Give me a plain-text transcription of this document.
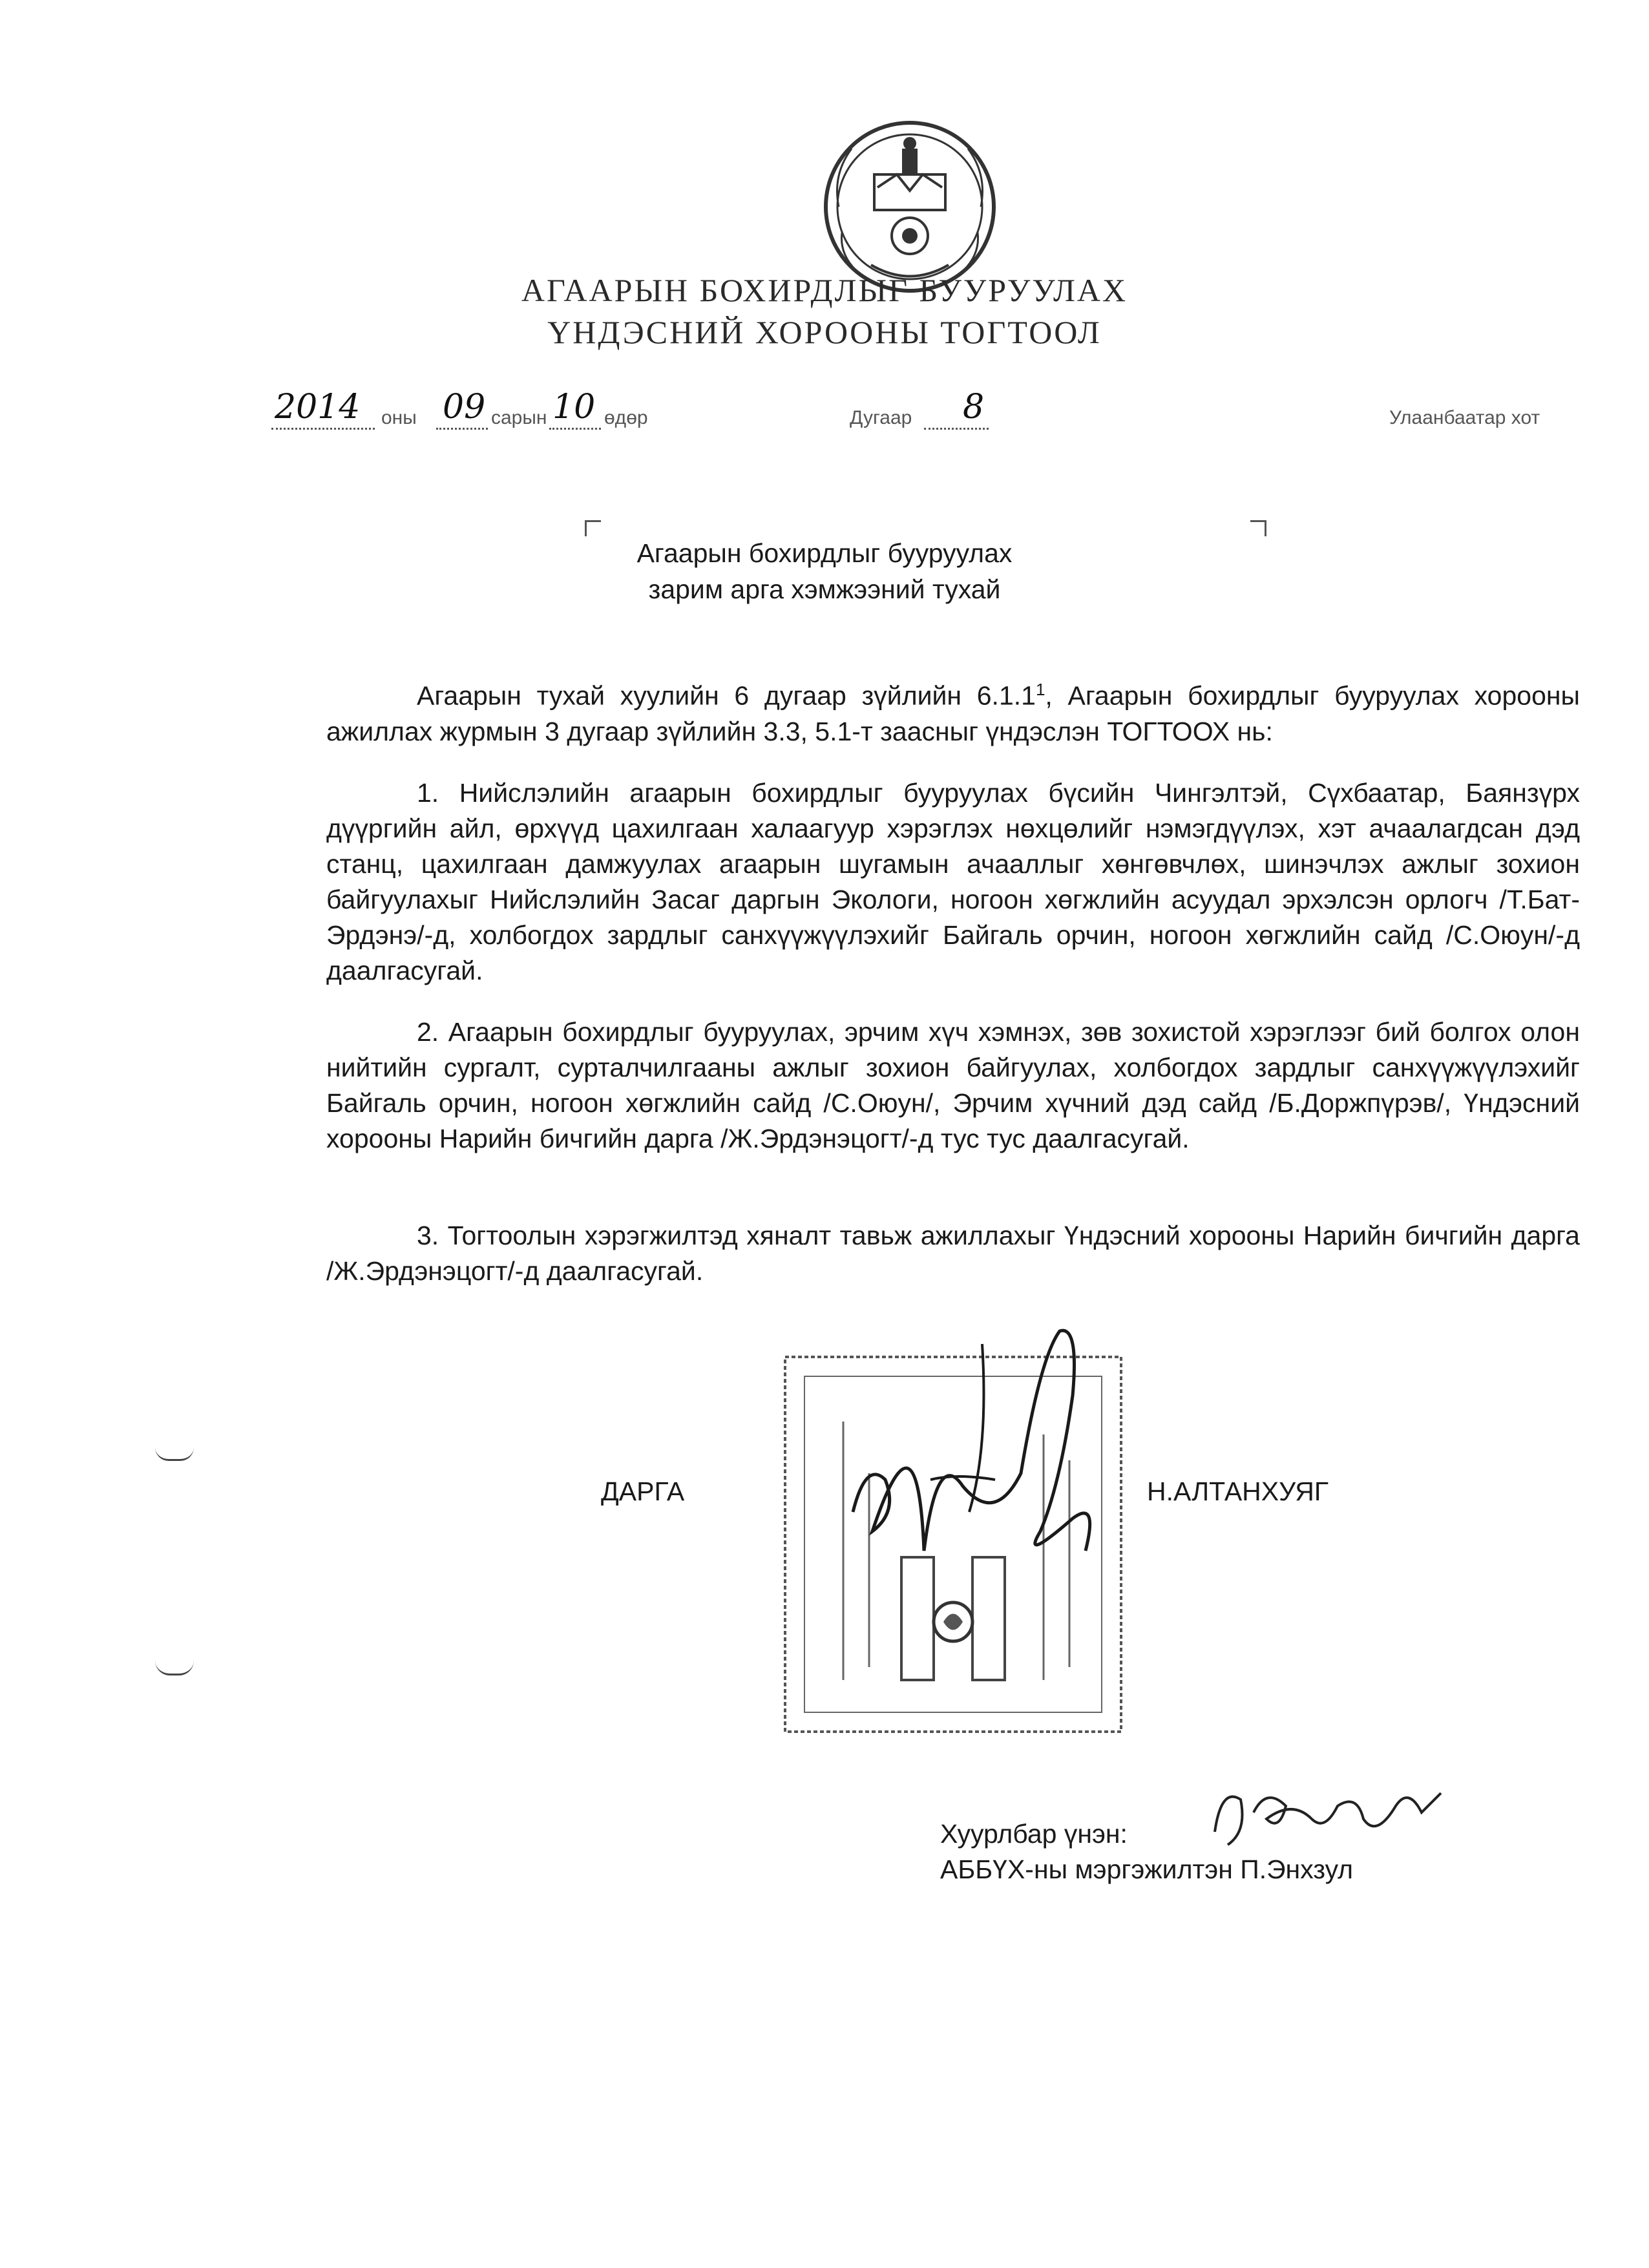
АГААРЫН БОХИРДЛЫГ БУУРУУЛАХ
ҮНДЭСНИЙ ХОРООНЫ ТОГТООЛ
2014 оны 09 сарын 10 өдөр	Дугаар 8	Улаанбаатар хот
Агаарын бохирдлыг бууруулах
зарим арга хэмжээний тухай
Агаарын тухай хуулийн 6 дугаар зүйлийн 6.1.1$^1$, Агаарын бохирдлыг бууруулах хорооны ажиллах журмын 3 дугаар зүйлийн 3.3, 5.1-т заасныг үндэслэн ТОГТООХ нь:
1. Нийслэлийн агаарын бохирдлыг бууруулах бүсийн Чингэлтэй, Сүхбаатар, Баянзүрх дүүргийн айл, өрхүүд цахилгаан халаагуур хэрэглэх нөхцөлийг нэмэгдүүлэх, хэт ачаалагдсан дэд станц, цахилгаан дамжуулах агаарын шугамын ачааллыг хөнгөвчлөх, шинэчлэх ажлыг зохион байгуулахыг Нийслэлийн Засаг даргын Экологи, ногоон хөгжлийн асуудал эрхэлсэн орлогч /Т.Бат-Эрдэнэ/-д, холбогдох зардлыг санхүүжүүлэхийг Байгаль орчин, ногоон хөгжлийн сайд /С.Оюун/-д даалгасугай.
2. Агаарын бохирдлыг бууруулах, эрчим хүч хэмнэх, зөв зохистой хэрэглээг бий болгох олон нийтийн сургалт, сурталчилгааны ажлыг зохион байгуулах, холбогдох зардлыг санхүүжүүлэхийг Байгаль орчин, ногоон хөгжлийн сайд /С.Оюун/, Эрчим хүчний дэд сайд /Б.Доржпүрэв/, Үндэсний хорооны Нарийн бичгийн дарга /Ж.Эрдэнэцогт/-д тус тус даалгасугай.
3. Тогтоолын хэрэгжилтэд хяналт тавьж ажиллахыг Үндэсний хорооны Нарийн бичгийн дарга /Ж.Эрдэнэцогт/-д даалгасугай.
ДАРГА	Н.АЛТАНХУЯГ
Хуурлбар үнэн:
АББҮХ-ны мэргэжилтэн П.Энхзул
